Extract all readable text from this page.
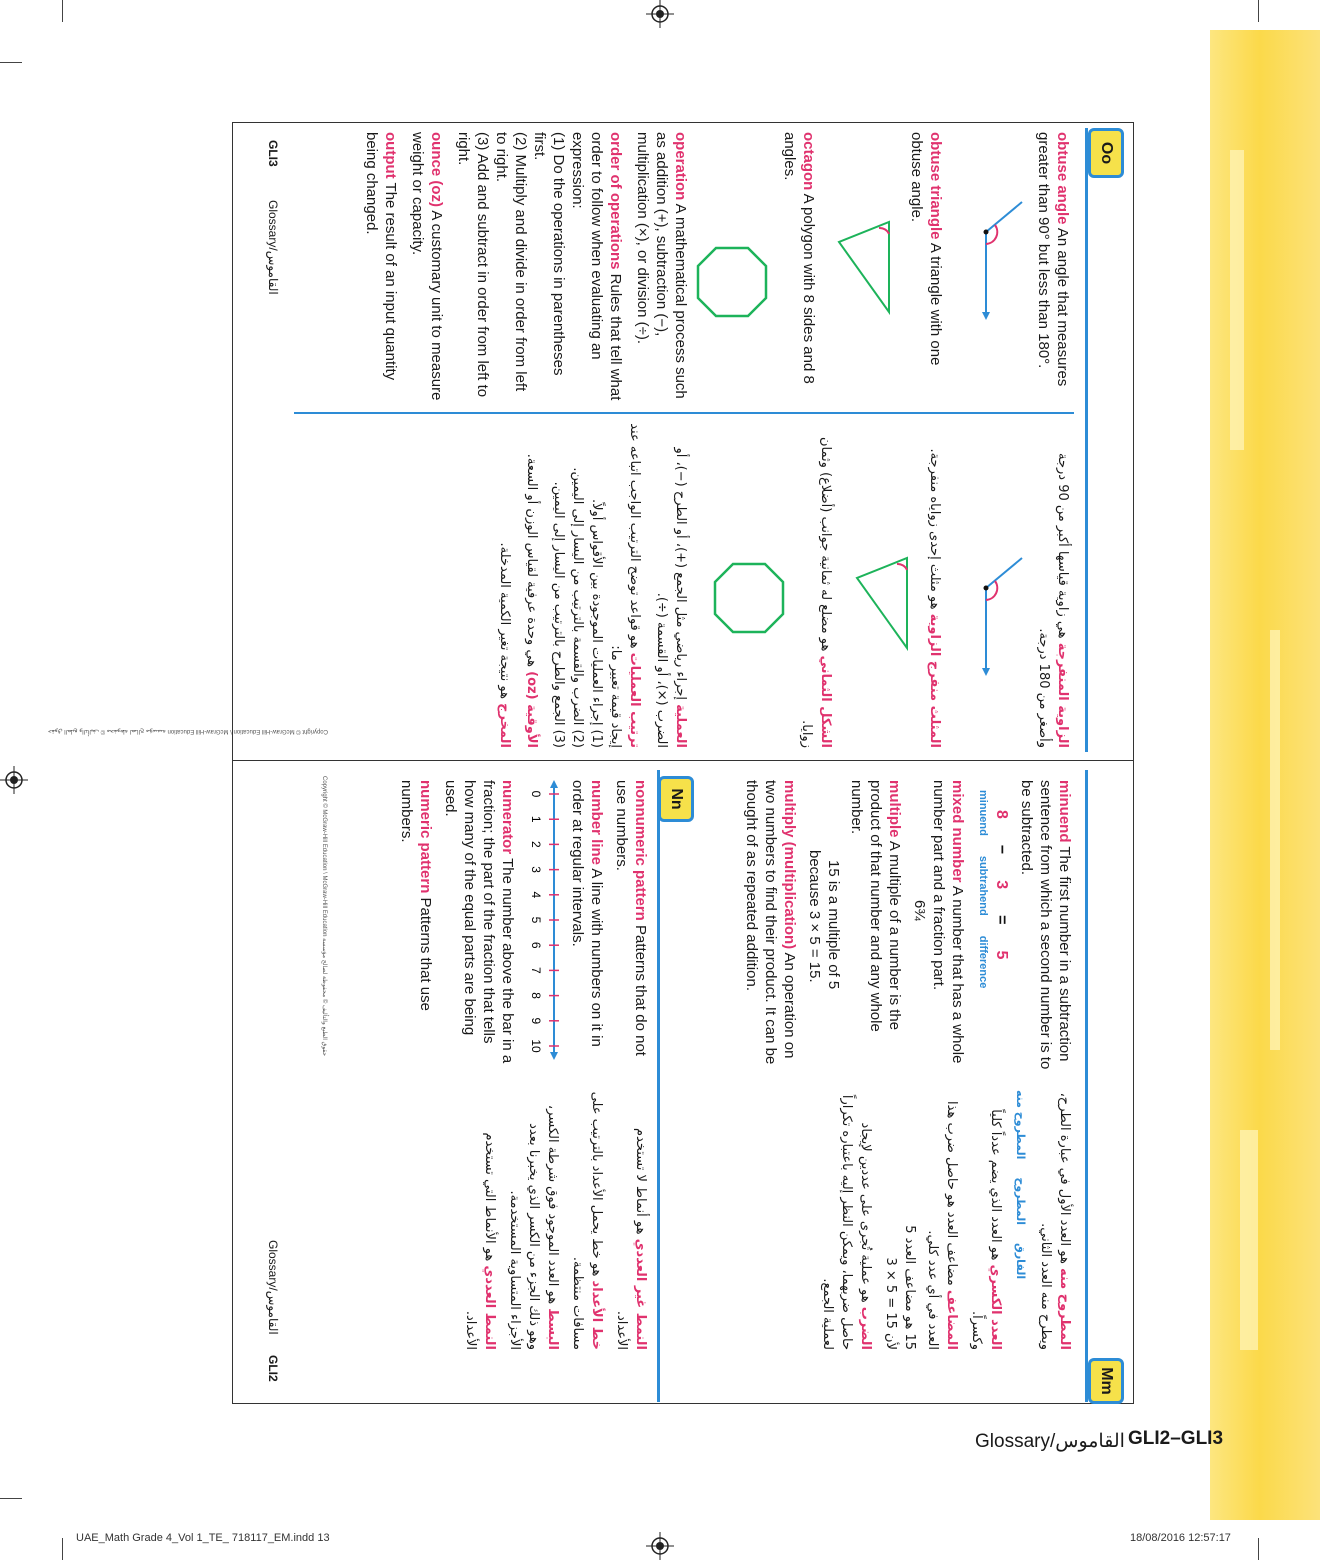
Oo
obtuse angle An angle that measures greater than 90° but less than 180°.
obtuse triangle A triangle with one obtuse angle.
octagon A polygon with 8 sides and 8 angles.
الزاوية المنفرجة هي زاوية قياسها أكبر من 90 درجة وأصغر من 180 درجة.
المثلث منفرج الزاوية هو مثلث إحدى زواياه منفرجة.
الشكل الثماني هو مضلع له ثمانية جوانب (أضلاع) وثمان زوايا.
operation A mathematical process such as addition (+), subtraction (−), multiplication (×), or division (÷).
order of operations Rules that tell what order to follow when evaluating an expression:
(1) Do the operations in parentheses first.
(2) Multiply and divide in order from left to right.
(3) Add and subtract in order from left to right.
ounce (oz) A customary unit to measure weight or capacity.
output The result of an input quantity being changed.
العملية إجراء رياضي مثل الجمع (+)، أو الطرح (−)، أو الضرب (×)، أو القسمة (÷).
ترتيب العمليات هو قواعد توضح الترتيب الواجب اتباعه عند إيجاد قيمة تعبير ما:
(1) إجراء العمليات الموجودة بين الأقواس أولاً.
(2) الضرب والقسمة بالترتيب من اليسار إلى اليمين.
(3) الجمع والطرح بالترتيب من اليسار إلى اليمين.
الأوقية (oz) هي وحدة عرفية لقياس الوزن أو السعة.
المخرج هو نتيجة تغير الكمية المدخلة.
GLI3
Glossary/القاموس
Copyright © McGraw-Hill Education \ McGraw-Hill Education حقوق الطبع والتأليف © محفوظة لصالح مؤسسة
Mm
minuend The first number in a subtraction sentence from which a second number is to be subtracted.
8
−
3
=
5
minuend
subtrahend
difference
mixed number A number that has a whole number part and a fraction part.
6¾
multiple A multiple of a number is the product of that number and any whole number.
15 is a multiple of 5
because 3 × 5 = 15.
multiply (multiplication) An operation on two numbers to find their product. It can be thought of as repeated addition.
المطروح منه هو العدد الأول في عبارة الطرح، ويطرح منه العدد الثاني.
الفارق
المطروح
المطروح منه
العدد الكسري هو العدد الذي يضم عدداً كلياً وكسراً.
المضاعف مضاعف العدد هو حاصل ضرب هذا العدد في أي عدد كلي.
15 هو مضاعف العدد 5
لأن 15 = 5 × 3
الضرب هو عملية تُجرى على عددين لإيجاد حاصل ضربهما، ويمكن النظر إليه باعتباره تكراراً لعملية الجمع.
Nn
nonnumeric pattern Patterns that do not use numbers.
number line A line with numbers on it in order at regular intervals.
0
1
2
3
4
5
6
7
8
9
10
numerator The number above the bar in a fraction; the part of the fraction that tells how many of the equal parts are being used.
numeric pattern Patterns that use numbers.
النمط غير العددي هو أنماط لا تستخدم الأعداد.
خط الأعداد هو خط يحمل الأعداد بالترتيب على مسافات منتظمة.
البسط هو العدد الموجود فوق شرطة الكسر، وهو ذلك الجزء من الكسر الذي يخبرنا بعدد الأجزاء المتساوية المستخدمة.
النمط العددي هو الأنماط التي تستخدم الأعداد.
GLI2
Glossary/القاموس
Copyright © McGraw-Hill Education \ McGraw-Hill Education حقوق الطبع والتأليف © محفوظة لصالح مؤسسة
Glossary/القاموس GLI2–GLI3
UAE_Math Grade 4_Vol 1_TE_ 718117_EM.indd 13	18/08/2016 12:57:17
